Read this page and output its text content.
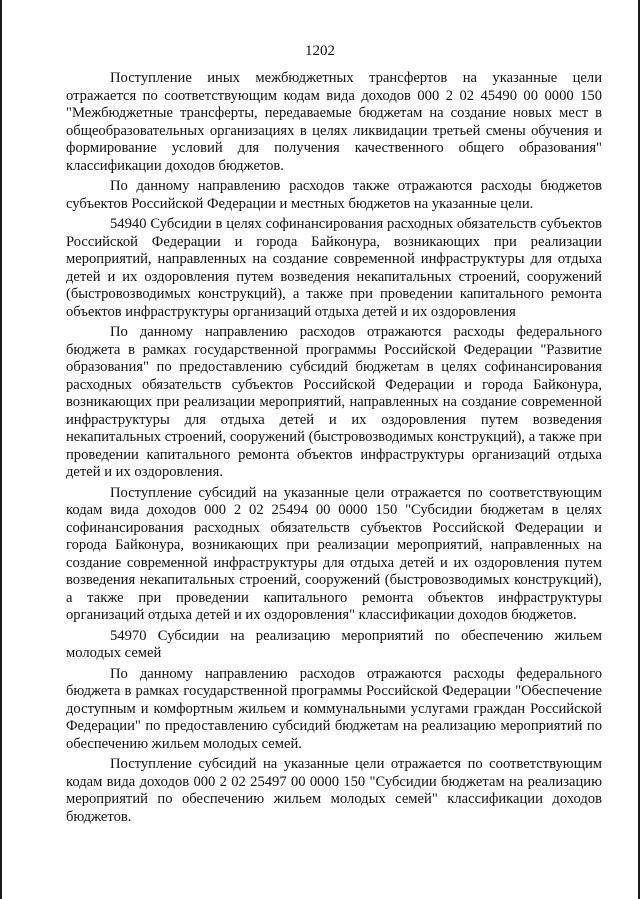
1202

Поступление иных межбюджетных трансфертов на указанные цели отражается по соответствующим кодам вида доходов 000 2 02 45490 00 0000 150 "Межбюджетные трансферты, передаваемые бюджетам на создание новых мест в общеобразовательных организациях в целях ликвидации третьей смены обучения и формирование условий для получения качественного общего образования" классификации доходов бюджетов.

По данному направлению расходов также отражаются расходы бюджетов субъектов Российской Федерации и местных бюджетов на указанные цели.

54940 Субсидии в целях софинансирования расходных обязательств субъектов Российской Федерации и города Байконура, возникающих при реализации мероприятий, направленных на создание современной инфраструктуры для отдыха детей и их оздоровления путем возведения некапитальных строений, сооружений (быстровозводимых конструкций), а также при проведении капитального ремонта объектов инфраструктуры организаций отдыха детей и их оздоровления

По данному направлению расходов отражаются расходы федерального бюджета в рамках государственной программы Российской Федерации "Развитие образования" по предоставлению субсидий бюджетам в целях софинансирования расходных обязательств субъектов Российской Федерации и города Байконура, возникающих при реализации мероприятий, направленных на создание современной инфраструктуры для отдыха детей и их оздоровления путем возведения некапитальных строений, сооружений (быстровозводимых конструкций), а также при проведении капитального ремонта объектов инфраструктуры организаций отдыха детей и их оздоровления.

Поступление субсидий на указанные цели отражается по соответствующим кодам вида доходов 000 2 02 25494 00 0000 150 "Субсидии бюджетам в целях софинансирования расходных обязательств субъектов Российской Федерации и города Байконура, возникающих при реализации мероприятий, направленных на создание современной инфраструктуры для отдыха детей и их оздоровления путем возведения некапитальных строений, сооружений (быстровозводимых конструкций), а также при проведении капитального ремонта объектов инфраструктуры организаций отдыха детей и их оздоровления" классификации доходов бюджетов.

54970 Субсидии на реализацию мероприятий по обеспечению жильем молодых семей

По данному направлению расходов отражаются расходы федерального бюджета в рамках государственной программы Российской Федерации "Обеспечение доступным и комфортным жильем и коммунальными услугами граждан Российской Федерации" по предоставлению субсидий бюджетам на реализацию мероприятий по обеспечению жильем молодых семей.

Поступление субсидий на указанные цели отражается по соответствующим кодам вида доходов 000 2 02 25497 00 0000 150 "Субсидии бюджетам на реализацию мероприятий по обеспечению жильем молодых семей" классификации доходов бюджетов.
